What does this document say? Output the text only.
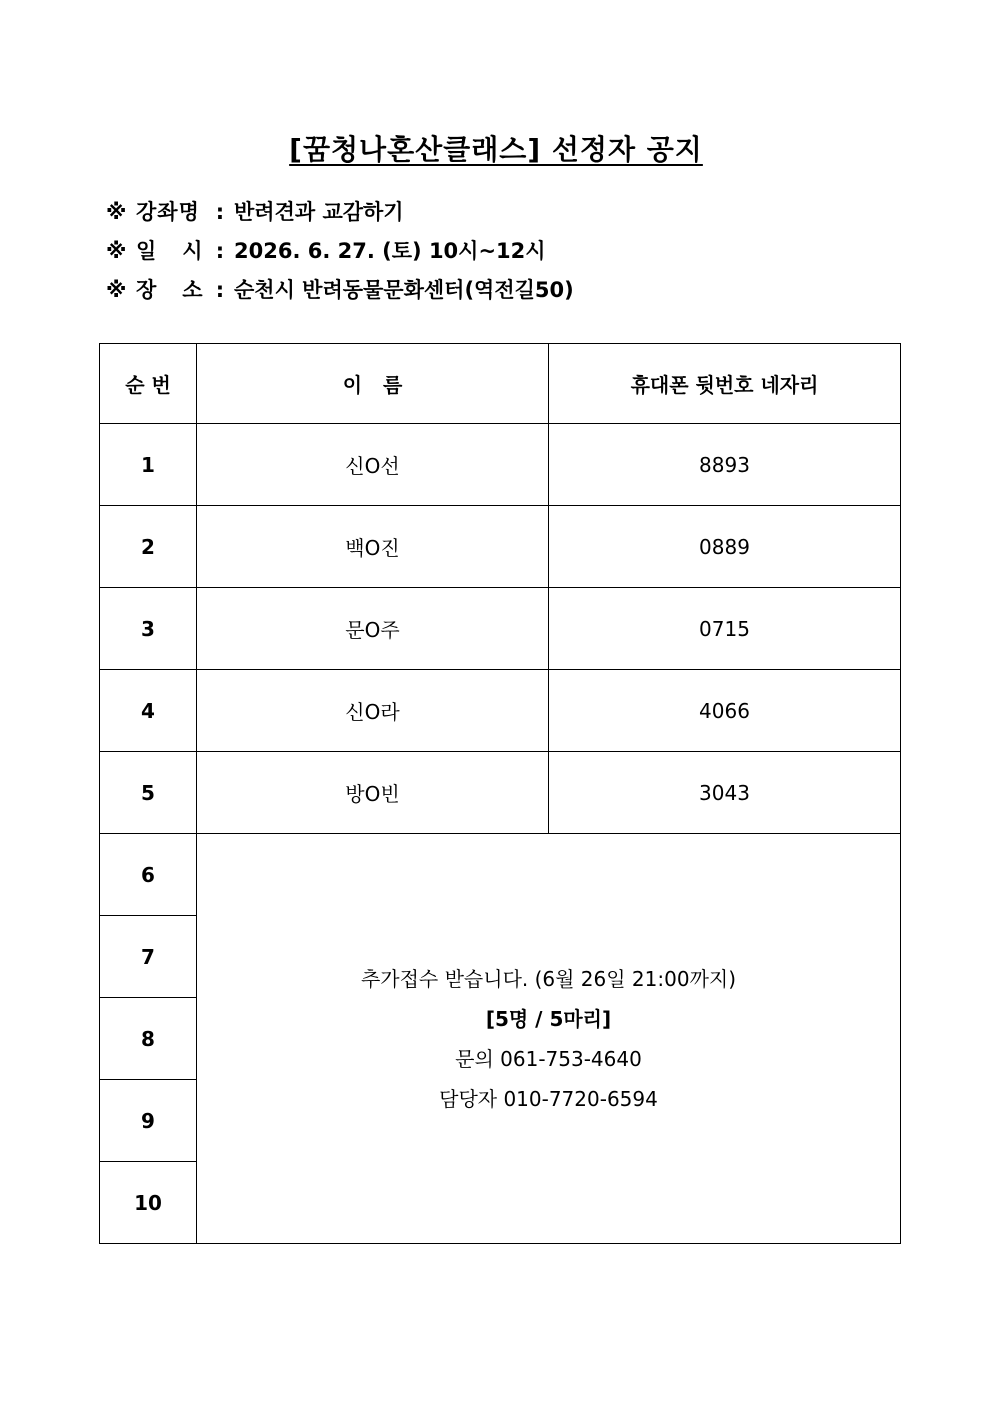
[꿈청나혼산클래스] 선정자 공지
※ 강좌명 : 반려견과 교감하기
※ 일   시 : 2026. 6. 27. (토) 10시~12시
※ 장   소 : 순천시 반려동물문화센터(역전길50)
순 번	이   름	휴대폰 뒷번호 네자리
1	신O선	8893
2	백O진	0889
3	문O주	0715
4	신O라	4066
5	방O빈	3043
6	추가접수 받습니다. (6월 26일 21:00까지)
[5명 / 5마리]
문의 061-753-4640
담당자 010-7720-6594	

7		
8		
9		
10		
